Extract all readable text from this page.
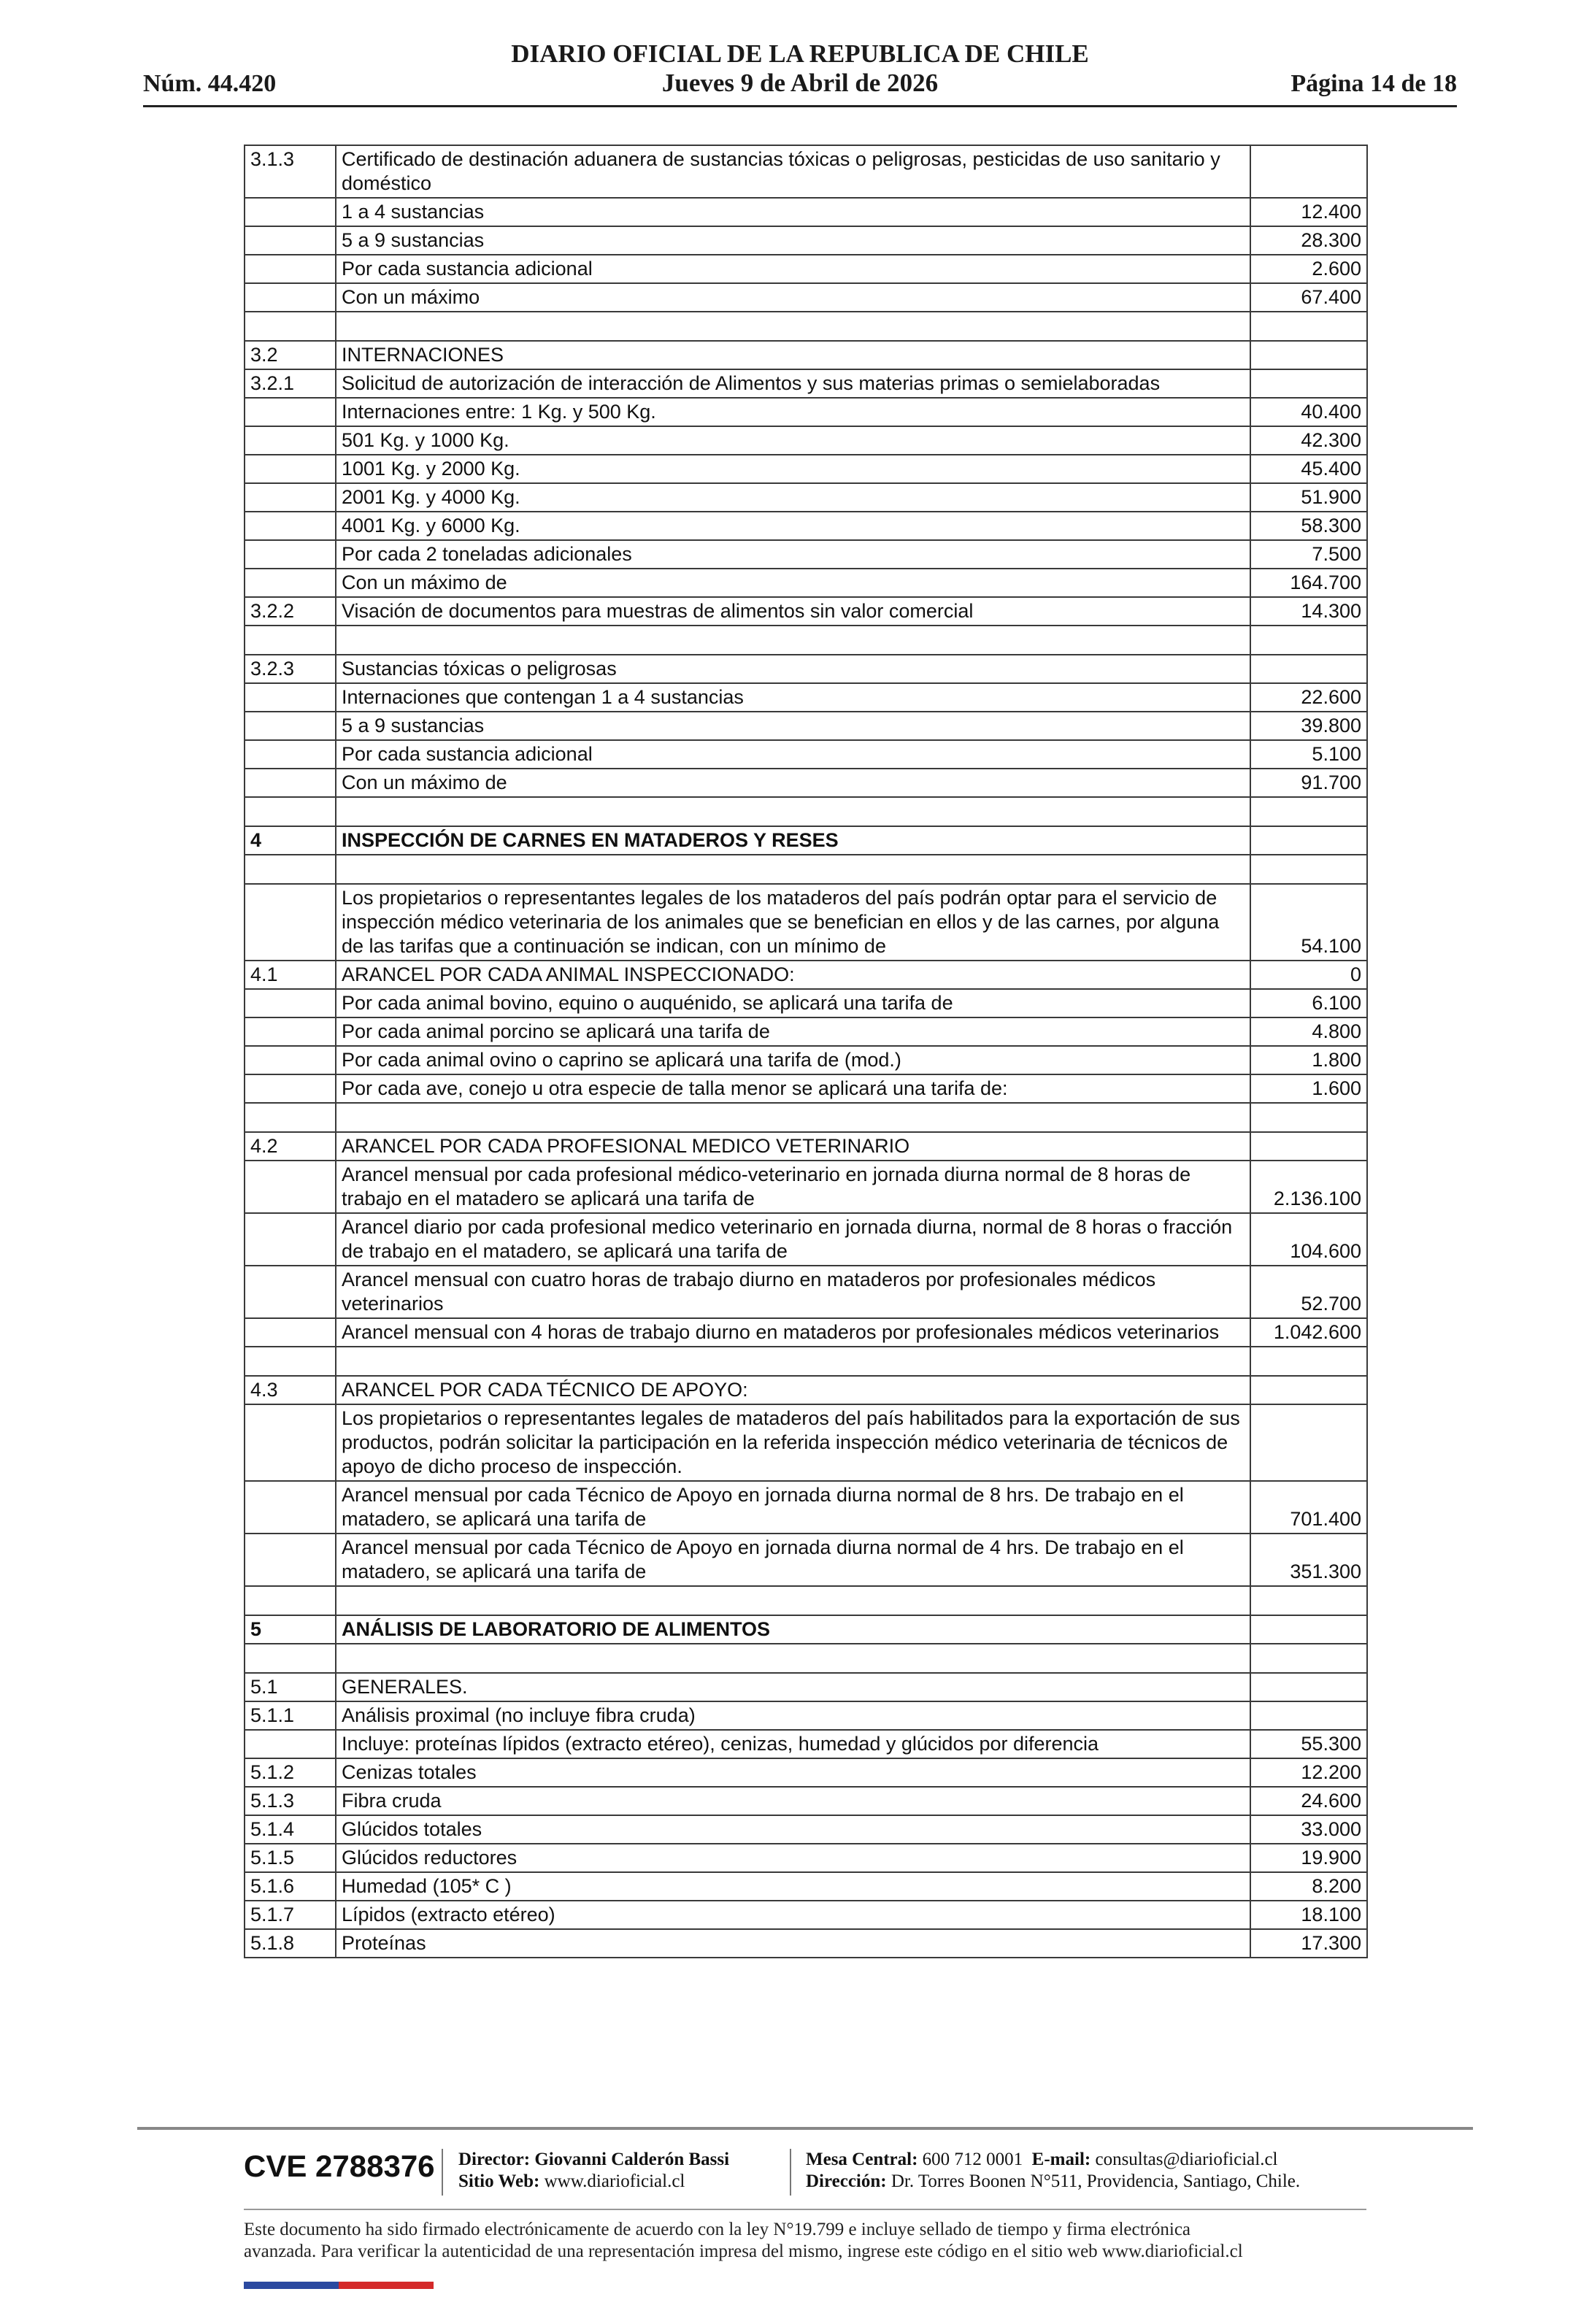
Núm. 44.420
DIARIO OFICIAL DE LA REPUBLICA DE CHILE
Jueves 9 de Abril de 2026	Página 14 de 18
3.1.3	Certificado de destinación aduanera de sustancias tóxicas o peligrosas, pesticidas de uso sanitario y doméstico	
	1 a 4 sustancias	12.400
	5 a 9 sustancias	28.300
	Por cada sustancia adicional	2.600
	Con un máximo	67.400

3.2	INTERNACIONES	
3.2.1	Solicitud de autorización de interacción de Alimentos y sus materias primas o semielaboradas	
	Internaciones entre: 1 Kg. y 500 Kg.	40.400
	501 Kg. y 1000 Kg.	42.300
	1001 Kg. y 2000 Kg.	45.400
	2001 Kg. y 4000 Kg.	51.900
	4001 Kg. y 6000 Kg.	58.300
	Por cada 2 toneladas adicionales	7.500
	Con un máximo de	164.700
3.2.2	Visación de documentos para muestras de alimentos sin valor comercial	14.300

3.2.3	Sustancias tóxicas o peligrosas	
	Internaciones que contengan 1 a 4 sustancias	22.600
	5 a 9 sustancias	39.800
	Por cada sustancia adicional	5.100
	Con un máximo de	91.700

4	INSPECCIÓN DE CARNES EN MATADEROS Y RESES	

	Los propietarios o representantes legales de los mataderos del país podrán optar para el servicio de inspección médico veterinaria de los animales que se benefician en ellos y de las carnes, por alguna de las tarifas que a continuación se indican, con un mínimo de	54.100
4.1	ARANCEL POR CADA ANIMAL INSPECCIONADO:	0
	Por cada animal bovino, equino o auquénido, se aplicará una tarifa de	6.100
	Por cada animal porcino se aplicará una tarifa de	4.800
	Por cada animal ovino o caprino se aplicará una tarifa de (mod.)	1.800
	Por cada ave, conejo u otra especie de talla menor se aplicará una tarifa de:	1.600

4.2	ARANCEL POR CADA PROFESIONAL MEDICO VETERINARIO	
	Arancel mensual por cada profesional médico-veterinario en jornada diurna normal de 8 horas de trabajo en el matadero se aplicará una tarifa de	2.136.100
	Arancel diario por cada profesional medico veterinario en jornada diurna, normal de 8 horas o fracción de trabajo en el matadero, se aplicará una tarifa de	104.600
	Arancel mensual con cuatro horas de trabajo diurno en mataderos por profesionales médicos veterinarios	52.700
	Arancel mensual con 4 horas de trabajo diurno en mataderos por profesionales médicos veterinarios	1.042.600

4.3	ARANCEL POR CADA TÉCNICO DE APOYO:	
	Los propietarios o representantes legales de mataderos del país habilitados para la exportación de sus productos, podrán solicitar la participación en la referida inspección médico veterinaria de técnicos de apoyo de dicho proceso de inspección.	
	Arancel mensual por cada Técnico de Apoyo en jornada diurna normal de 8 hrs. De trabajo en el matadero, se aplicará una tarifa de	701.400
	Arancel mensual por cada Técnico de Apoyo en jornada diurna normal de 4 hrs. De trabajo en el matadero, se aplicará una tarifa de	351.300

5	ANÁLISIS DE LABORATORIO DE ALIMENTOS	

5.1	GENERALES.	
5.1.1	Análisis proximal (no incluye fibra cruda)	
	Incluye: proteínas lípidos (extracto etéreo), cenizas, humedad y glúcidos por diferencia	55.300
5.1.2	Cenizas totales	12.200
5.1.3	Fibra cruda	24.600
5.1.4	Glúcidos totales	33.000
5.1.5	Glúcidos reductores	19.900
5.1.6	Humedad (105* C )	8.200
5.1.7	Lípidos (extracto etéreo)	18.100
5.1.8	Proteínas	17.300
CVE 2788376 Director: Giovanni Calderón Bassi
Sitio Web: www.diarioficial.cl
Mesa Central: 600 712 0001 E-mail: consultas@diarioficial.cl
Dirección: Dr. Torres Boonen N°511, Providencia, Santiago, Chile.
Este documento ha sido firmado electrónicamente de acuerdo con la ley N°19.799 e incluye sellado de tiempo y firma electrónica
avanzada. Para verificar la autenticidad de una representación impresa del mismo, ingrese este código en el sitio web www.diarioficial.cl
